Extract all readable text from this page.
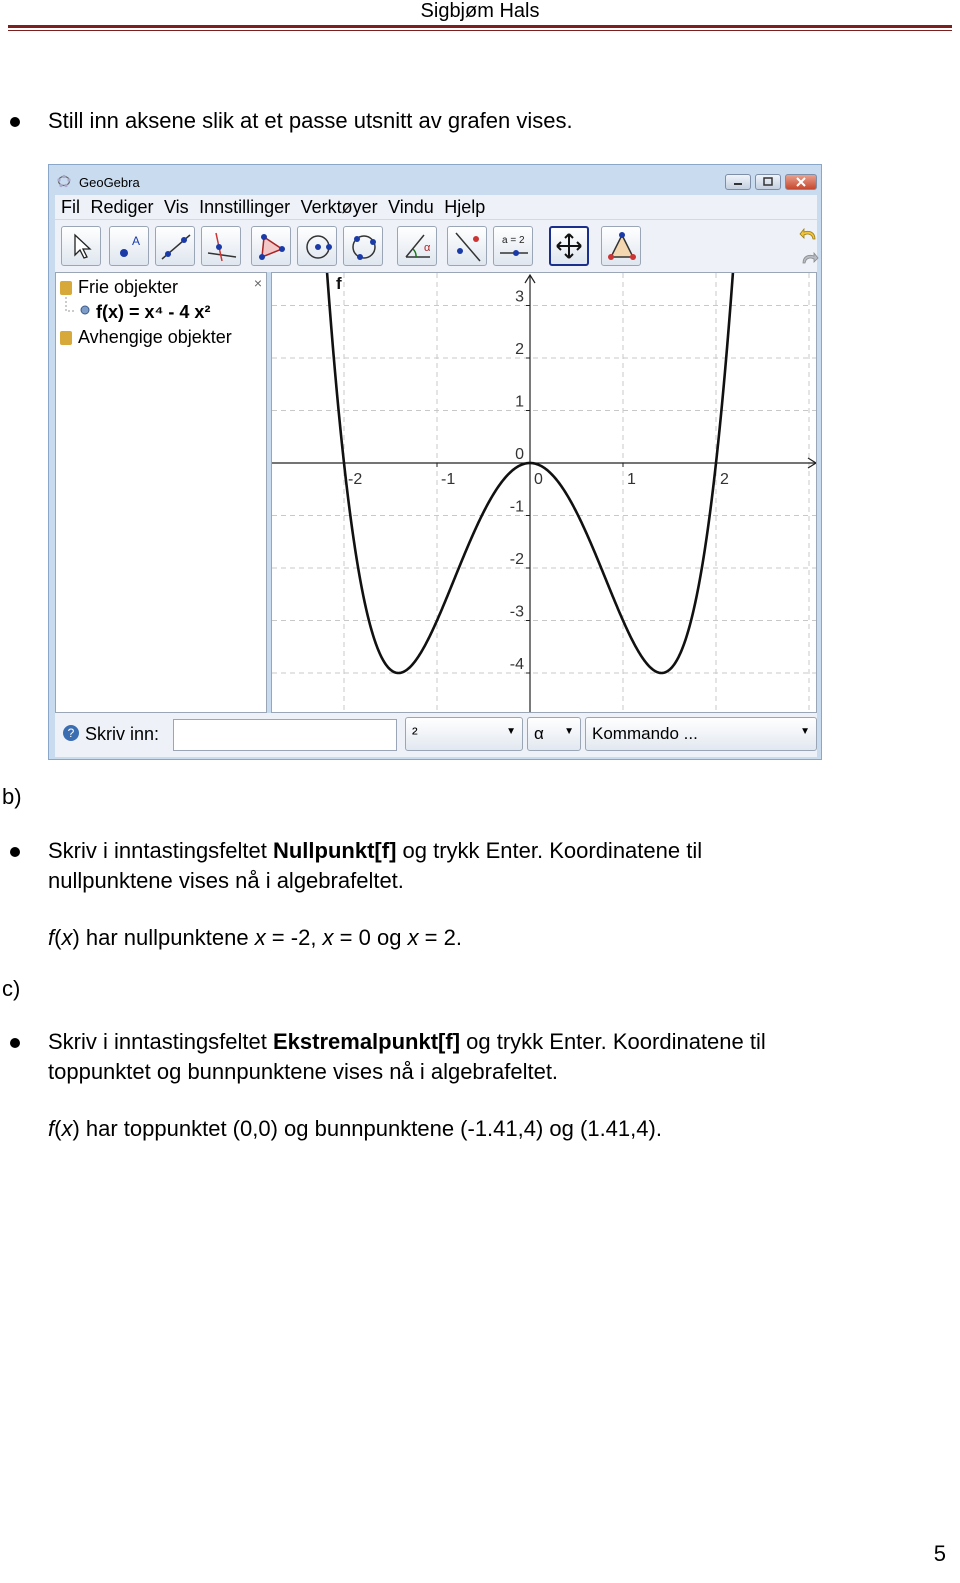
Sigbjøm Hals
Still inn aksene slik at et passe utsnitt av grafen vises.
GeoGebra
Fil Rediger Vis Innstillinger Verktøyer Vindu Hjelp
A	α
a = 2
×
Frie objekter
f(x) = x⁴ - 4 x²
Avhengige objekter
-2	-1	0	1	2
3
2
1
0
-1
-2
-3
-4
f
? Skriv inn:	²	▼ α ▼ Kommando ...	▼
b)
Skriv i inntastingsfeltet Nullpunkt[f] og trykk Enter. Koordinatene til
nullpunktene vises nå i algebrafeltet.
f(x) har nullpunktene x = -2, x = 0 og x = 2.
c)
Skriv i inntastingsfeltet Ekstremalpunkt[f] og trykk Enter. Koordinatene til
toppunktet og bunnpunktene vises nå i algebrafeltet.
f(x) har toppunktet (0,0) og bunnpunktene (-1.41,4) og (1.41,4).
5
